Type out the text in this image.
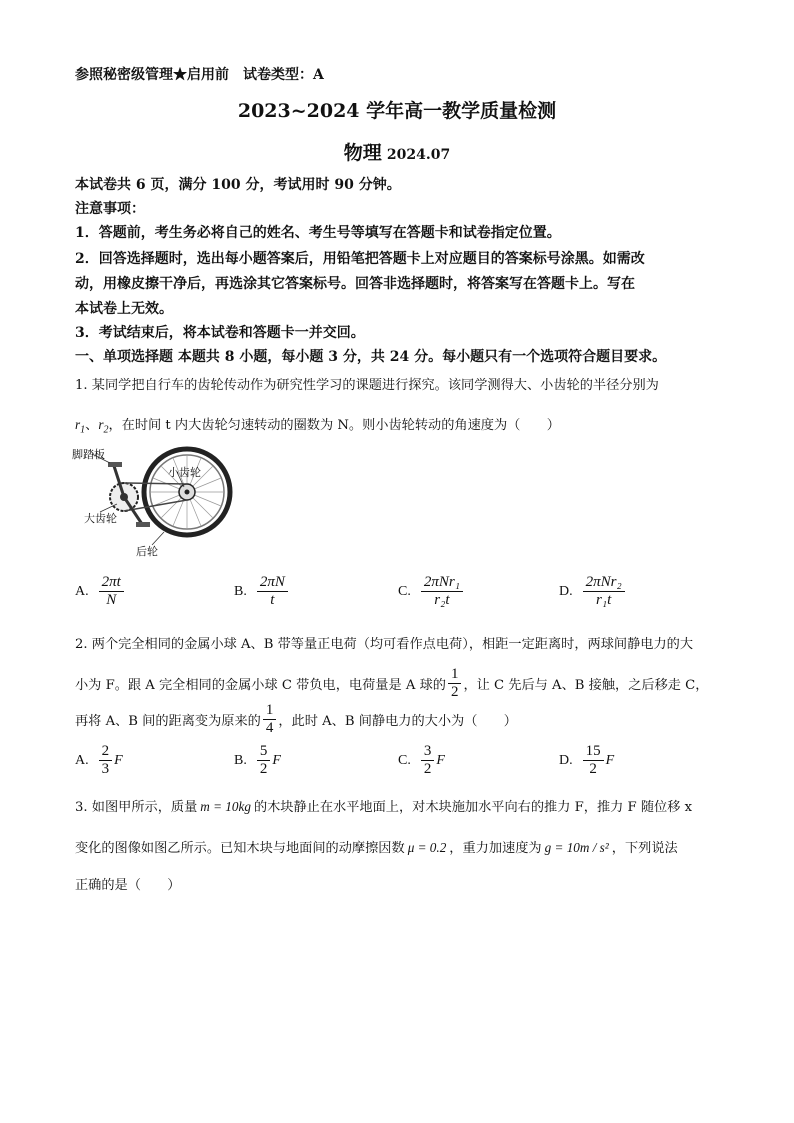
参照秘密级管理★启用前　试卷类型：A
2023~2024 学年高一教学质量检测
物理 2024.07
本试卷共 6 页，满分 100 分，考试用时 90 分钟。
注意事项：
1．答题前，考生务必将自己的姓名、考生号等填写在答题卡和试卷指定位置。
2．回答选择题时，选出每小题答案后，用铅笔把答题卡上对应题目的答案标号涂黑。如需改
动，用橡皮擦干净后，再选涂其它答案标号。回答非选择题时，将答案写在答题卡上。写在
本试卷上无效。
3．考试结束后，将本试卷和答题卡一并交回。
一、单项选择题 本题共 8 小题，每小题 3 分，共 24 分。每小题只有一个选项符合题目要求。
1. 某同学把自行车的齿轮传动作为研究性学习的课题进行探究。该同学测得大、小齿轮的半径分别为
$r_1$、$r_2$，在时间 t 内大齿轮匀速转动的圈数为 N。则小齿轮转动的角速度为（　　）
脚踏板
小齿轮
大齿轮
后轮
A. $\frac{2\pi t}{N}$	B. $\frac{2\pi N}{t}$	C. $\frac{\text{2πNr₁}}{\text{r₂t}}$	D. $\frac{\text{2πNr₂}}{\text{r₁t}}$
2. 两个完全相同的金属小球 A、B 带等量正电荷（均可看作点电荷），相距一定距离时，两球间静电力的大
小为 F。跟 A 完全相同的金属小球 C 带负电，电荷量是 A 球的 $\frac{1}{2}$ ，让 C 先后与 A、B 接触，之后移走 C，
再将 A、B 间的距离变为原来的 $\frac{1}{4}$ ，此时 A、B 间静电力的大小为（　　）
A. $\frac{2}{3}$ F	B. $\frac{5}{2}$ F	C. $\frac{3}{2}$ F	D. $\frac{15}{2}$ F
3. 如图甲所示，质量 m = 10kg 的木块静止在水平地面上，对木块施加水平向右的推力 F，推力 F 随位移 x
变化的图像如图乙所示。已知木块与地面间的动摩擦因数 μ = 0.2 ，重力加速度为 g = 10m / s² ，下列说法
正确的是（　　）
